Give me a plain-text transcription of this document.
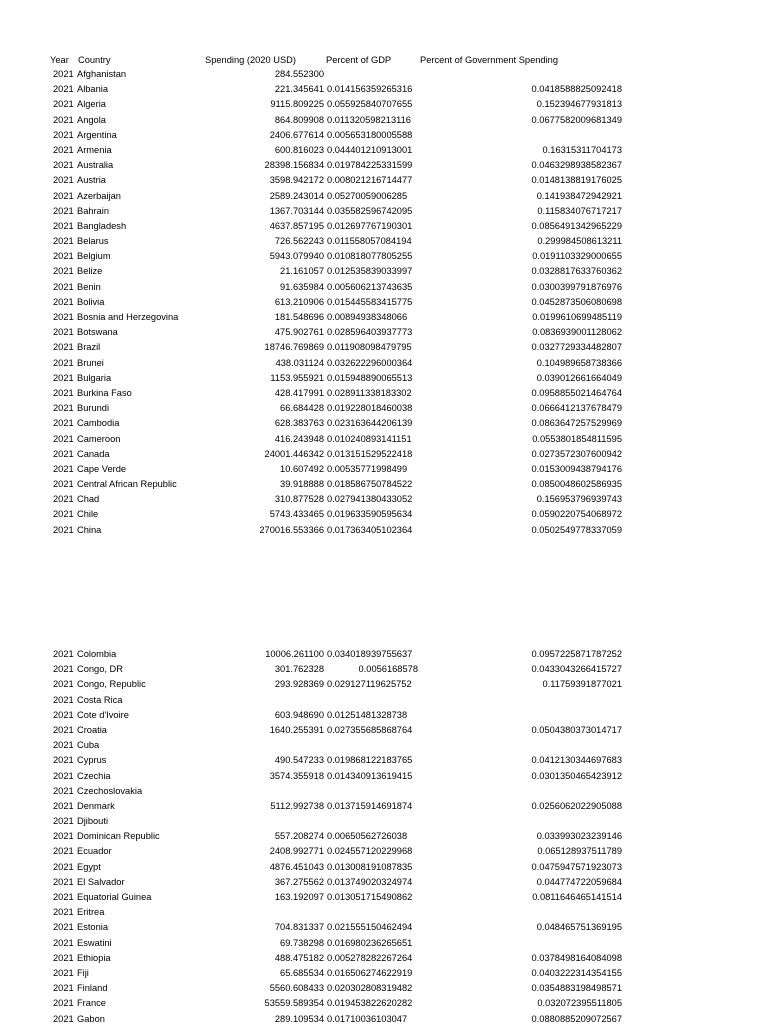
Year Country	Spending (2020 USD)	Percent of GDP	Percent of Government Spending
2021 Afghanistan	284.552300
2021 Albania	221.345641 0.014156359265316	0.0418588825092418
2021 Algeria	9115.809225 0.055925840707655	0.152394677931813
2021 Angola	864.809908 0.011320598213116	0.0677582009681349
2021 Argentina	2406.677614 0.005653180005588
2021 Armenia	600.816023 0.044401210913001	0.16315311704173
2021 Australia	28398.156834 0.019784225331599	0.0463298938582367
2021 Austria	3598.942172 0.008021216714477	0.0148138819176025
2021 Azerbaijan	2589.243014 0.05270059006285	0.141938472942921
2021 Bahrain	1367.703144 0.035582596742095	0.115834076717217
2021 Bangladesh	4637.857195 0.012697767190301	0.0856491342965229
2021 Belarus	726.562243 0.011558057084194	0.299984508613211
2021 Belgium	5943.079940 0.010818077805255	0.0191103329000655
2021 Belize	21.161057 0.012535839033997	0.0328817633760362
2021 Benin	91.635984 0.005606213743635	0.0300399791876976
2021 Bolivia	613.210906 0.015445583415775	0.0452873506080698
2021 Bosnia and Herzegovina	181.548696 0.00894938348066	0.0199610699485119
2021 Botswana	475.902761 0.028596403937773	0.0836939001128062
2021 Brazil	18746.769869 0.011908098479795	0.0327729334482807
2021 Brunei	438.031124 0.032622296000364	0.104989658738366
2021 Bulgaria	1153.955921 0.015948890065513	0.039012661664049
2021 Burkina Faso	428.417991 0.028911338183302	0.0958855021464764
2021 Burundi	66.684428 0.019228018460038	0.0666412137678479
2021 Cambodia	628.383763 0.023163644206139	0.0863647257529969
2021 Cameroon	416.243948 0.010240893141151	0.0553801854811595
2021 Canada	24001.446342 0.013151529522418	0.0273572307600942
2021 Cape Verde	10.607492 0.00535771998499	0.0153009438794176
2021 Central African Republic	39.918888 0.018586750784522	0.0850048602586935
2021 Chad	310.877528 0.027941380433052	0.156953796939743
2021 Chile	5743.433465 0.019633590595634	0.0590220754068972
2021 China	270016.553366 0.017363405102364	0.0502549778337059
2021 Colombia	10006.261100 0.034018939755637	0.0957225871787252
2021 Congo, DR	301.762328	0.0056168578	0.0433043266415727
2021 Congo, Republic	293.928369 0.029127119625752	0.11759391877021
2021 Costa Rica
2021 Cote d'Ivoire	603.948690 0.01251481328738
2021 Croatia	1640.255391 0.027355685868764	0.0504380373014717
2021 Cuba
2021 Cyprus	490.547233 0.019868122183765	0.0412130344697683
2021 Czechia	3574.355918 0.014340913619415	0.0301350465423912
2021 Czechoslovakia
2021 Denmark	5112.992738 0.013715914691874	0.0256062022905088
2021 Djibouti
2021 Dominican Republic	557.208274 0.00650562726038	0.033993023239146
2021 Ecuador	2408.992771 0.024557120229968	0.065128937511789
2021 Egypt	4876.451043 0.013008191087835	0.0475947571923073
2021 El Salvador	367.275562 0.013749020324974	0.044774722059684
2021 Equatorial Guinea	163.192097 0.013051715490862	0.0811646465141514
2021 Eritrea
2021 Estonia	704.831337 0.021555150462494	0.048465751369195
2021 Eswatini	69.738298 0.016980236265651
2021 Ethiopia	488.475182 0.005278282267264	0.0378498164084098
2021 Fiji	65.685534 0.016506274622919	0.0403222314354155
2021 Finland	5560.608433 0.020302808319482	0.0354883198498571
2021 France	53559.589354 0.019453822620282	0.032072395511805
2021 Gabon	289.109534 0.01710036103047	0.0880885209072567
